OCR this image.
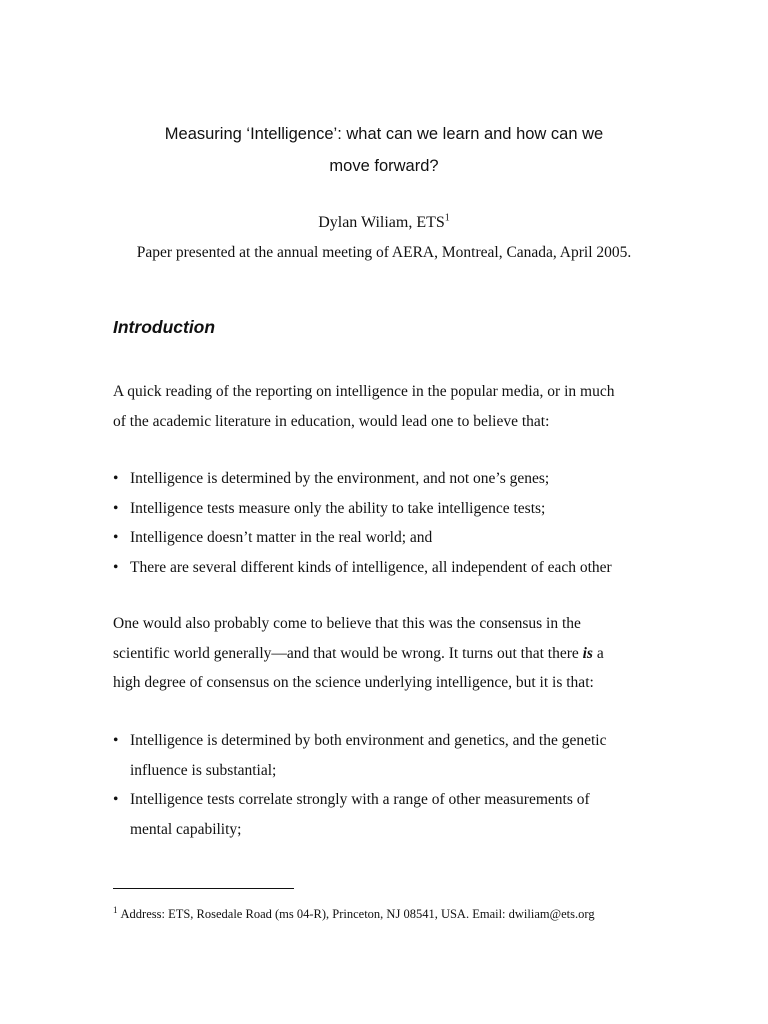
Measuring ‘Intelligence’: what can we learn and how can we
move forward?
Dylan Wiliam, ETS$^1$
Paper presented at the annual meeting of AERA, Montreal, Canada, April 2005.
Introduction

A quick reading of the reporting on intelligence in the popular media, or in much
of the academic literature in education, would lead one to believe that:

• Intelligence is determined by the environment, and not one’s genes;
• Intelligence tests measure only the ability to take intelligence tests;
• Intelligence doesn’t matter in the real world; and
• There are several different kinds of intelligence, all independent of each other

One would also probably come to believe that this was the consensus in the
scientific world generally—and that would be wrong. It turns out that there is a
high degree of consensus on the science underlying intelligence, but it is that:

• Intelligence is determined by both environment and genetics, and the genetic
influence is substantial;
• Intelligence tests correlate strongly with a range of other measurements of
mental capability;
$^1$ Address: ETS, Rosedale Road (ms 04-R), Princeton, NJ 08541, USA. Email: dwiliam@ets.org
